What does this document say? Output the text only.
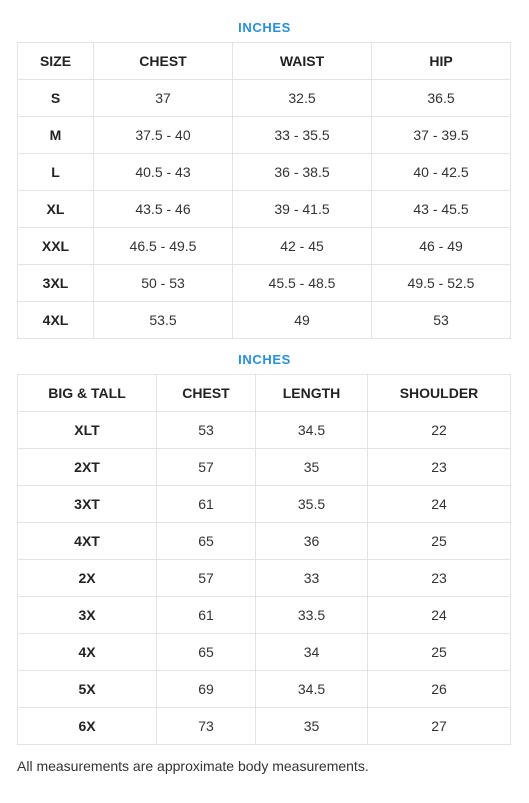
INCHES
SIZE	CHEST	WAIST	HIP
S	37	32.5	36.5
M	37.5 - 40	33 - 35.5	37 - 39.5
L	40.5 - 43	36 - 38.5	40 - 42.5
XL	43.5 - 46	39 - 41.5	43 - 45.5
XXL	46.5 - 49.5	42 - 45	46 - 49
3XL	50 - 53	45.5 - 48.5	49.5 - 52.5
4XL	53.5	49	53
INCHES
BIG & TALL	CHEST	LENGTH	SHOULDER
XLT	53	34.5	22
2XT	57	35	23
3XT	61	35.5	24
4XT	65	36	25
2X	57	33	23
3X	61	33.5	24
4X	65	34	25
5X	69	34.5	26
6X	73	35	27
All measurements are approximate body measurements.
